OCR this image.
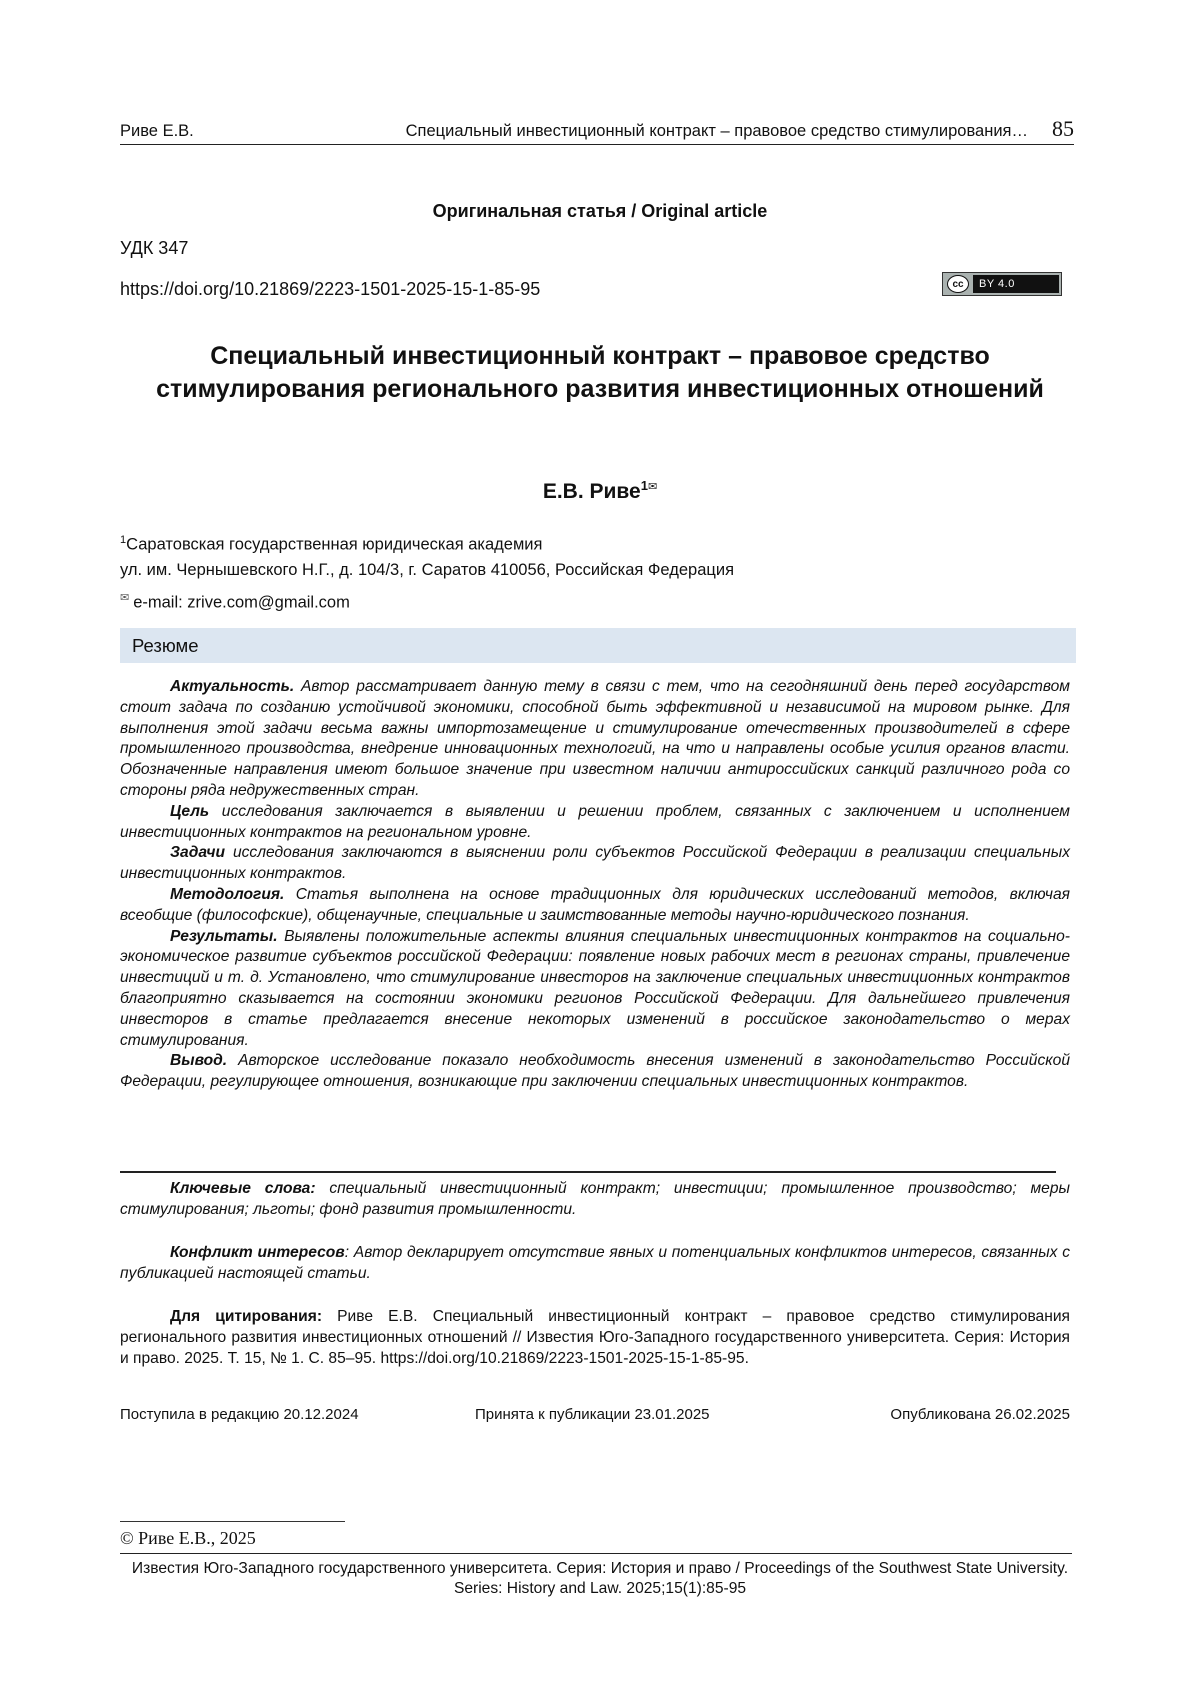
Риве Е.В.	Специальный инвестиционный контракт – правовое средство стимулирования… 85
Оригинальная статья / Original article
УДК 347
https://doi.org/10.21869/2223-1501-2025-15-1-85-95	cc	BY 4.0
Специальный инвестиционный контракт – правовое средство стимулирования регионального развития инвестиционных отношений
Е.В. Риве1✉
1Саратовская государственная юридическая академия
ул. им. Чернышевского Н.Г., д. 104/3, г. Саратов 410056, Российская Федерация
✉ e-mail: zrive.com@gmail.com
Резюме

Актуальность. Автор рассматривает данную тему в связи с тем, что на сегодняшний день перед государством стоит задача по созданию устойчивой экономики, способной быть эффективной и независимой на мировом рынке. Для выполнения этой задачи весьма важны импортозамещение и стимулирование отечественных производителей в сфере промышленного производства, внедрение инновационных технологий, на что и направлены особые усилия органов власти. Обозначенные направления имеют большое значение при известном наличии антироссийских санкций различного рода со стороны ряда недружественных стран.

Цель исследования заключается в выявлении и решении проблем, связанных с заключением и исполнением инвестиционных контрактов на региональном уровне.

Задачи исследования заключаются в выяснении роли субъектов Российской Федерации в реализации специальных инвестиционных контрактов.

Методология. Статья выполнена на основе традиционных для юридических исследований методов, включая всеобщие (философские), общенаучные, специальные и заимствованные методы научно-юридического познания.

Результаты. Выявлены положительные аспекты влияния специальных инвестиционных контрактов на социально-экономическое развитие субъектов российской Федерации: появление новых рабочих мест в регионах страны, привлечение инвестиций и т. д. Установлено, что стимулирование инвесторов на заключение специальных инвестиционных контрактов благоприятно сказывается на состоянии экономики регионов Российской Федерации. Для дальнейшего привлечения инвесторов в статье предлагается внесение некоторых изменений в российское законодательство о мерах стимулирования.

Вывод. Авторское исследование показало необходимость внесения изменений в законодательство Российской Федерации, регулирующее отношения, возникающие при заключении специальных инвестиционных контрактов.

Ключевые слова: специальный инвестиционный контракт; инвестиции; промышленное производство; меры стимулирования; льготы; фонд развития промышленности.

Конфликт интересов: Автор декларирует отсутствие явных и потенциальных конфликтов интересов, связанных с публикацией настоящей статьи.

Для цитирования: Риве Е.В. Специальный инвестиционный контракт – правовое средство стимулирования регионального развития инвестиционных отношений // Известия Юго-Западного государственного университета. Серия: История и право. 2025. Т. 15, № 1. С. 85–95. https://doi.org/10.21869/2223-1501-2025-15-1-85-95.

Поступила в редакцию 20.12.2024	Принята к публикации 23.01.2025	Опубликована 26.02.2025
© Риве Е.В., 2025
Известия Юго-Западного государственного университета. Серия: История и право / Proceedings of the Southwest State University. Series: History and Law. 2025;15(1):85-95
